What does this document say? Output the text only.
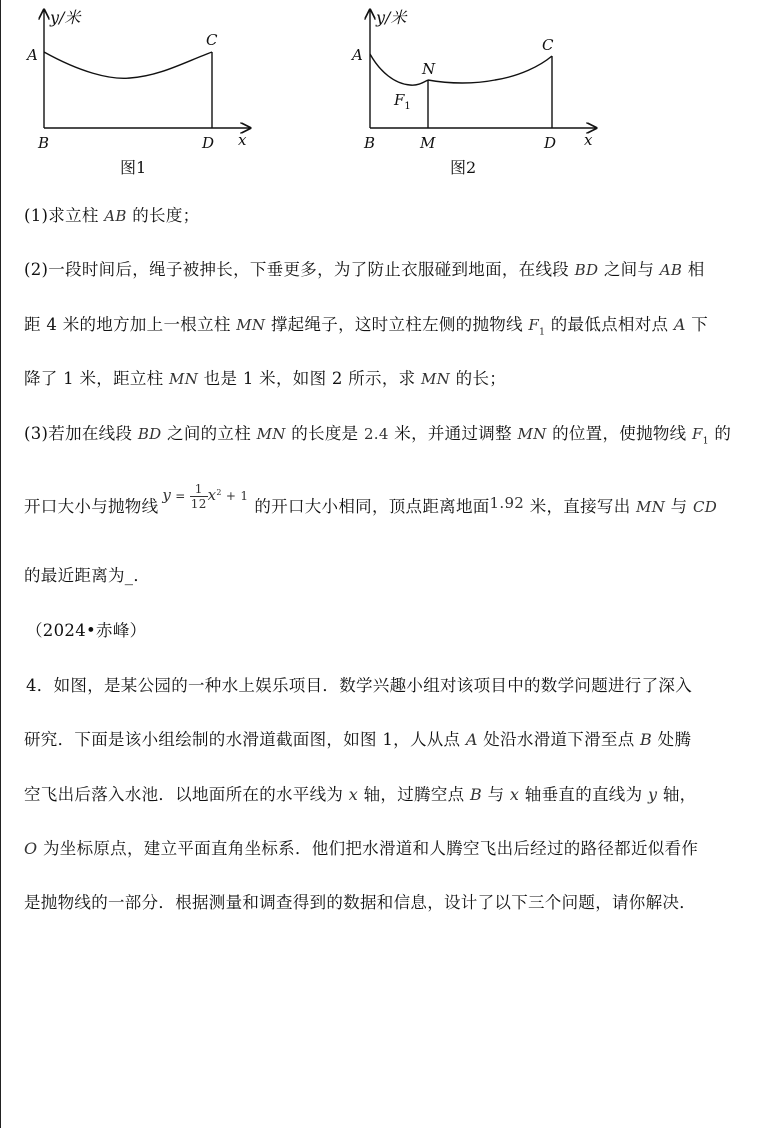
y/米
A
C
B	D x
图1
y/米
A
C
N
$F_1$
B	M	D x
图2
(1)求立柱 AB 的长度；
(2)一段时间后，绳子被抻长，下垂更多，为了防止衣服碰到地面，在线段 BD 之间与 AB 相
距 4 米的地方加上一根立柱 MN 撑起绳子，这时立柱左侧的抛物线 $F_1$ 的最低点相对点 A 下
降了 1 米，距立柱 MN 也是 1 米，如图 2 所示，求 MN 的长；
(3)若加在线段 BD 之间的立柱 MN 的长度是 2.4 米，并通过调整 MN 的位置，使抛物线 $F_1$ 的
开口大小与抛物线$y = \frac{1}{12} x^2 + 1$的开口大小相同，顶点距离地面1.92 米，直接写出 MN 与 CD
的最近距离为_．
（2024•赤峰）
4．如图，是某公园的一种水上娱乐项目．数学兴趣小组对该项目中的数学问题进行了深入
研究．下面是该小组绘制的水滑道截面图，如图 1，人从点 A 处沿水滑道下滑至点 B 处腾
空飞出后落入水池．以地面所在的水平线为 x 轴，过腾空点 B 与 x 轴垂直的直线为 y 轴，
O 为坐标原点，建立平面直角坐标系．他们把水滑道和人腾空飞出后经过的路径都近似看作
是抛物线的一部分．根据测量和调查得到的数据和信息，设计了以下三个问题，请你解决．
